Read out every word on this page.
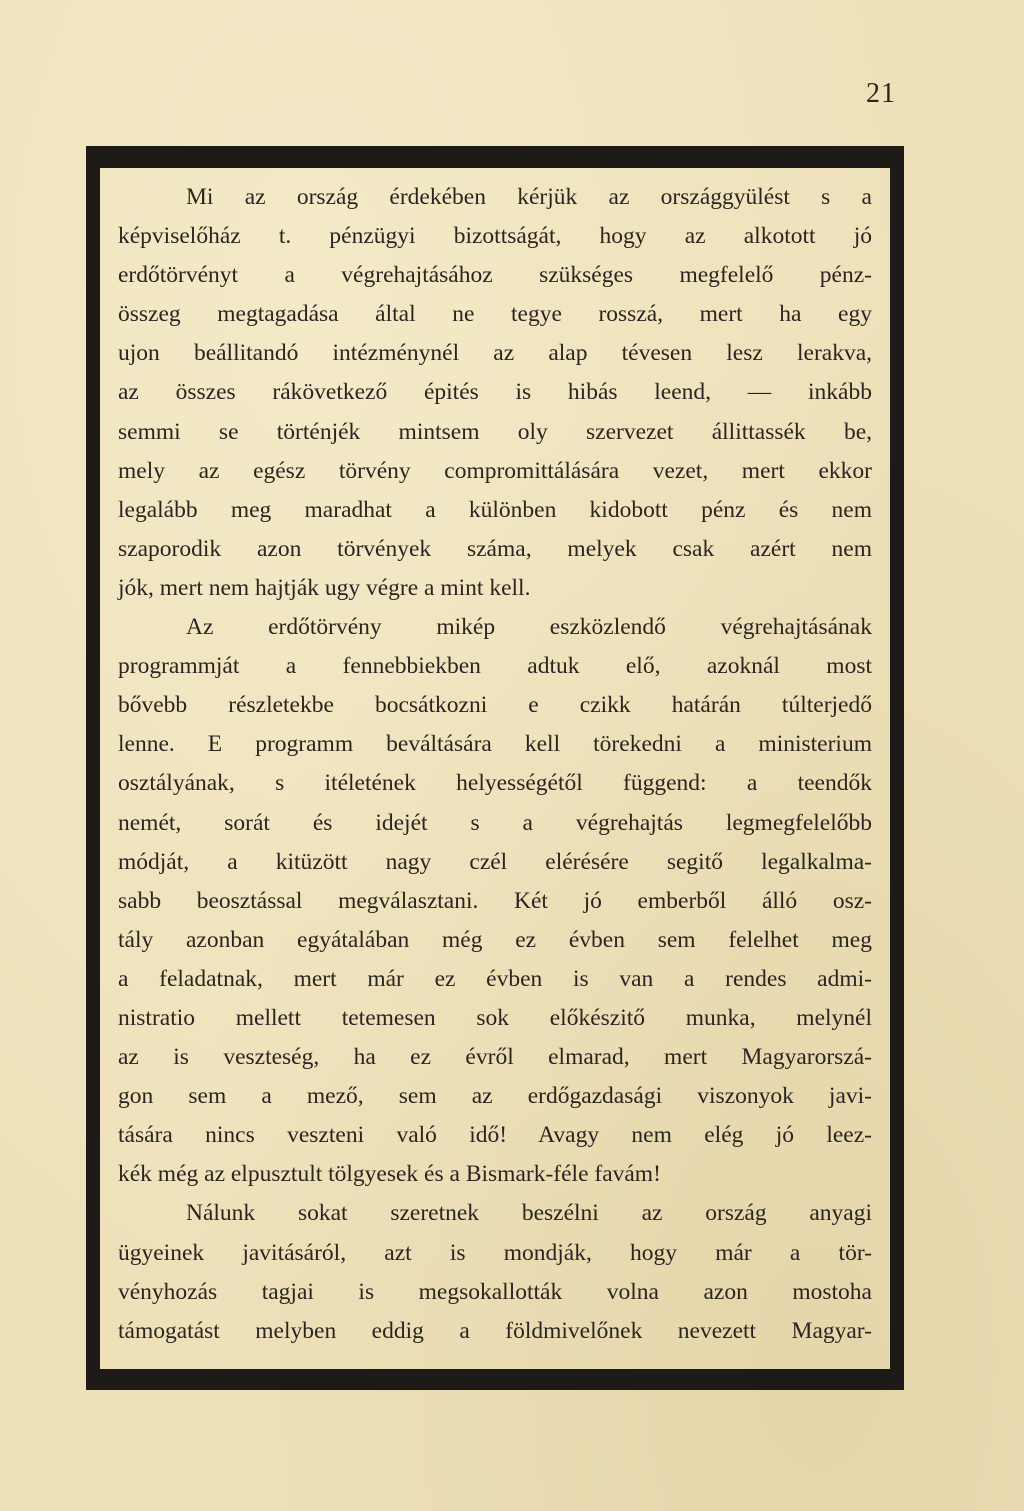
21
Mi az ország érdekében kérjük az országgyülést s a
képviselőház t. pénzügyi bizottságát, hogy az alkotott jó
erdőtörvényt a végrehajtásához szükséges megfelelő pénz-
összeg megtagadása által ne tegye rosszá, mert ha egy
ujon beállitandó intézménynél az alap tévesen lesz lerakva,
az összes rákövetkező épités is hibás leend, — inkább
semmi se történjék mintsem oly szervezet állittassék be,
mely az egész törvény compromittálására vezet, mert ekkor
legalább meg maradhat a különben kidobott pénz és nem
szaporodik azon törvények száma, melyek csak azért nem
jók, mert nem hajtják ugy végre a mint kell.
Az erdőtörvény mikép eszközlendő végrehajtásának
programmját a fennebbiekben adtuk elő, azoknál most
bővebb részletekbe bocsátkozni e czikk határán túlterjedő
lenne. E programm beváltására kell törekedni a ministerium
osztályának, s itéletének helyességétől függend: a teendők
nemét, sorát és idejét s a végrehajtás legmegfelelőbb
módját, a kitüzött nagy czél elérésére segitő legalkalma-
sabb beosztással megválasztani. Két jó emberből álló osz-
tály azonban egyátalában még ez évben sem felelhet meg
a feladatnak, mert már ez évben is van a rendes admi-
nistratio mellett tetemesen sok előkészitő munka, melynél
az is veszteség, ha ez évről elmarad, mert Magyarorszá-
gon sem a mező, sem az erdőgazdasági viszonyok javi-
tására nincs veszteni való idő! Avagy nem elég jó leez-
kék még az elpusztult tölgyesek és a Bismark-féle favám!
Nálunk sokat szeretnek beszélni az ország anyagi
ügyeinek javitásáról, azt is mondják, hogy már a tör-
vényhozás tagjai is megsokallották volna azon mostoha
támogatást melyben eddig a földmivelőnek nevezett Magyar-
